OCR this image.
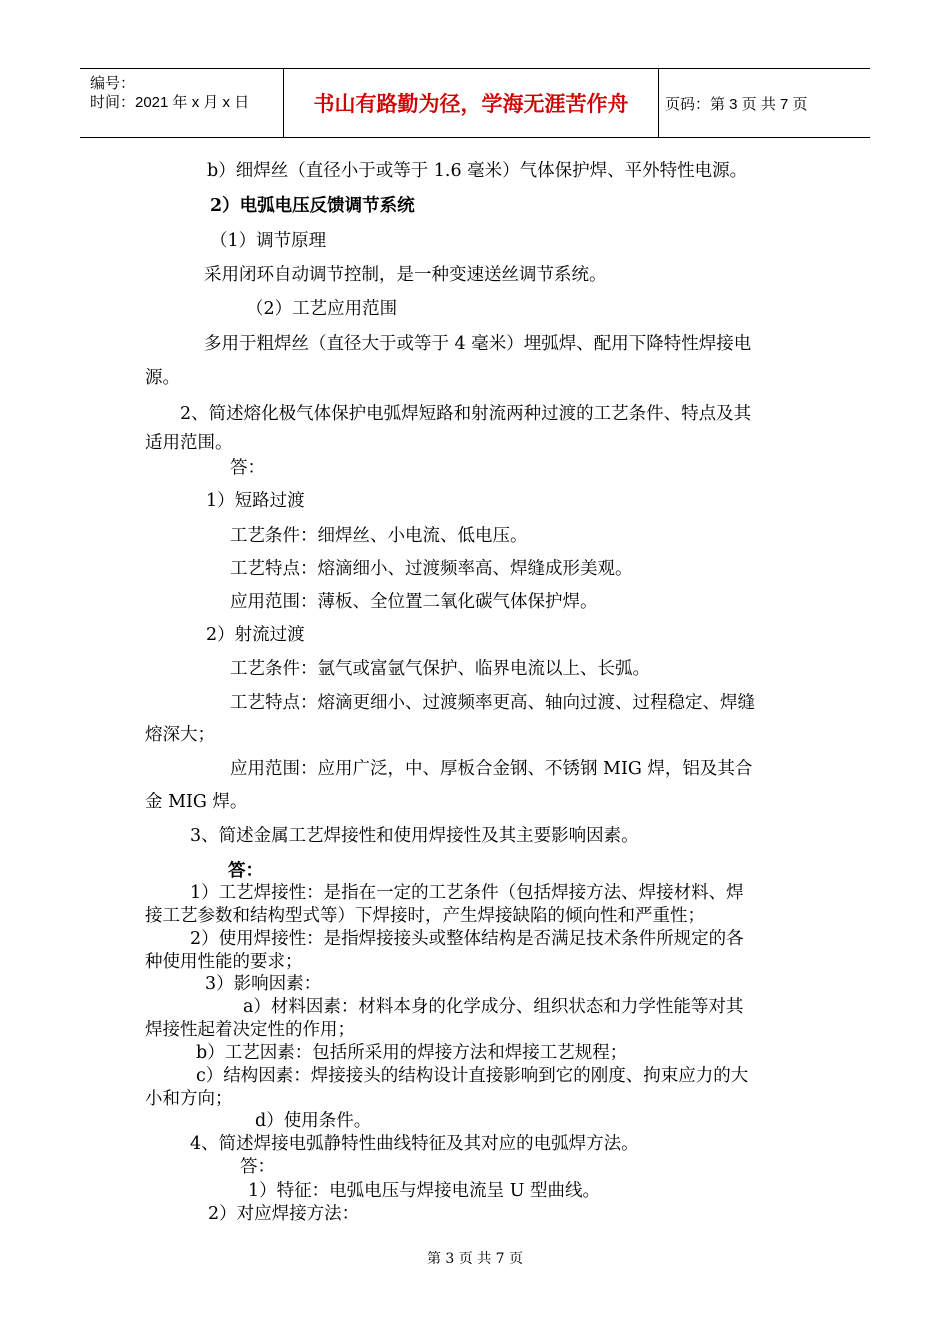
编号：
时间：2021 年 x 月 x 日	书山有路勤为径，学海无涯苦作舟	页码：第 3 页 共 7 页
b）细焊丝（直径小于或等于 1.6 毫米）气体保护焊、平外特性电源。
2）电弧电压反馈调节系统
（1）调节原理
采用闭环自动调节控制，是一种变速送丝调节系统。
（2）工艺应用范围
多用于粗焊丝（直径大于或等于 4 毫米）埋弧焊、配用下降特性焊接电
源。
2、简述熔化极气体保护电弧焊短路和射流两种过渡的工艺条件、特点及其
适用范围。
答：
1）短路过渡
工艺条件：细焊丝、小电流、低电压。
工艺特点：熔滴细小、过渡频率高、焊缝成形美观。
应用范围：薄板、全位置二氧化碳气体保护焊。
2）射流过渡
工艺条件：氩气或富氩气保护、临界电流以上、长弧。
工艺特点：熔滴更细小、过渡频率更高、轴向过渡、过程稳定、焊缝
熔深大；
应用范围：应用广泛，中、厚板合金钢、不锈钢 MIG 焊，铝及其合
金 MIG 焊。
3、简述金属工艺焊接性和使用焊接性及其主要影响因素。
答：
1）工艺焊接性：是指在一定的工艺条件（包括焊接方法、焊接材料、焊
接工艺参数和结构型式等）下焊接时，产生焊接缺陷的倾向性和严重性；
2）使用焊接性：是指焊接接头或整体结构是否满足技术条件所规定的各
种使用性能的要求；
3）影响因素：
a）材料因素：材料本身的化学成分、组织状态和力学性能等对其
焊接性起着决定性的作用；
b）工艺因素：包括所采用的焊接方法和焊接工艺规程；
c）结构因素：焊接接头的结构设计直接影响到它的刚度、拘束应力的大
小和方向；
d）使用条件。
4、简述焊接电弧静特性曲线特征及其对应的电弧焊方法。
答：
1）特征：电弧电压与焊接电流呈 U 型曲线。
2）对应焊接方法：
第 3 页 共 7 页
